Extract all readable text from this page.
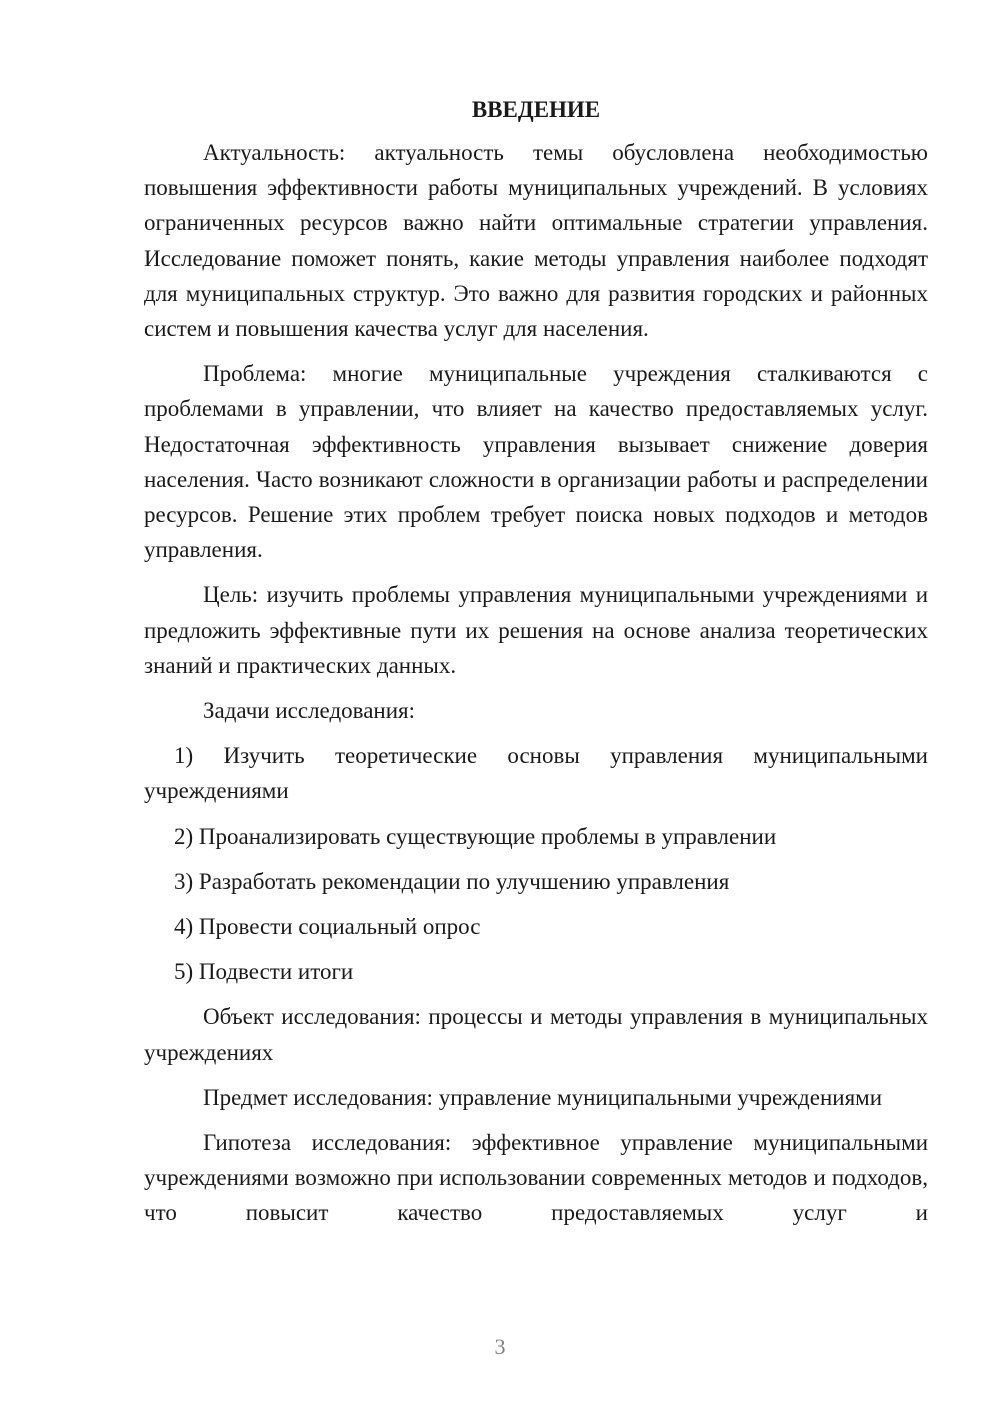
ВВЕДЕНИЕ

Актуальность: актуальность темы обусловлена необходимостью повышения эффективности работы муниципальных учреждений. В условиях ограниченных ресурсов важно найти оптимальные стратегии управления. Исследование поможет понять, какие методы управления наиболее подходят для муниципальных структур. Это важно для развития городских и районных систем и повышения качества услуг для населения.

Проблема: многие муниципальные учреждения сталкиваются с проблемами в управлении, что влияет на качество предоставляемых услуг. Недостаточная эффективность управления вызывает снижение доверия населения. Часто возникают сложности в организации работы и распределении ресурсов. Решение этих проблем требует поиска новых подходов и методов управления.

Цель: изучить проблемы управления муниципальными учреждениями и предложить эффективные пути их решения на основе анализа теоретических знаний и практических данных.

Задачи исследования:

1) Изучить теоретические основы управления муниципальными учреждениями
2) Проанализировать существующие проблемы в управлении
3) Разработать рекомендации по улучшению управления
4) Провести социальный опрос
5) Подвести итоги

Объект исследования: процессы и методы управления в муниципальных учреждениях

Предмет исследования: управление муниципальными учреждениями

Гипотеза исследования: эффективное управление муниципальными учреждениями возможно при использовании современных методов и подходов, что повысит качество предоставляемых услуг и

3
